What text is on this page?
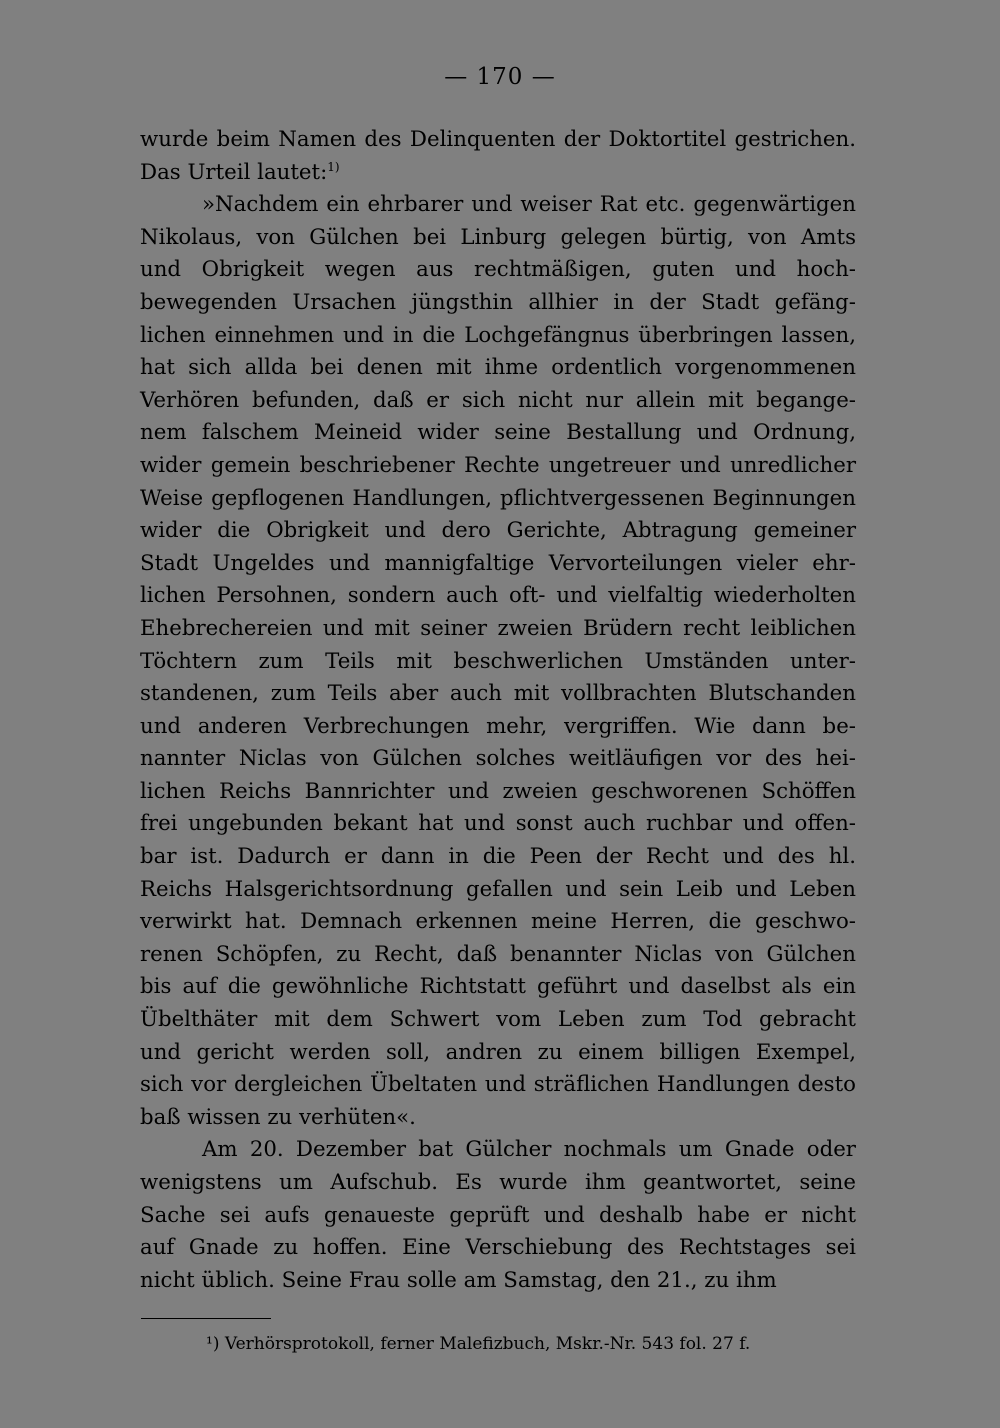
— 170 —
wurde beim Namen des Delinquenten der Doktortitel gestrichen.
Das Urteil lautet:$^{1)}$
»Nachdem ein ehrbarer und weiser Rat etc. gegenwärtigen
Nikolaus, von Gülchen bei Linburg gelegen bürtig, von Amts
und Obrigkeit wegen aus rechtmäßigen, guten und hoch-
bewegenden Ursachen jüngsthin allhier in der Stadt gefäng-
lichen einnehmen und in die Lochgefängnus überbringen lassen,
hat sich allda bei denen mit ihme ordentlich vorgenommenen
Verhören befunden, daß er sich nicht nur allein mit begange-
nem falschem Meineid wider seine Bestallung und Ordnung,
wider gemein beschriebener Rechte ungetreuer und unredlicher
Weise gepflogenen Handlungen, pflichtvergessenen Beginnungen
wider die Obrigkeit und dero Gerichte, Abtragung gemeiner
Stadt Ungeldes und mannigfaltige Vervorteilungen vieler ehr-
lichen Persohnen, sondern auch oft- und vielfaltig wiederholten
Ehebrechereien und mit seiner zweien Brüdern recht leiblichen
Töchtern zum Teils mit beschwerlichen Umständen unter-
standenen, zum Teils aber auch mit vollbrachten Blutschanden
und anderen Verbrechungen mehr, vergriffen. Wie dann be-
nannter Niclas von Gülchen solches weitläufigen vor des hei-
lichen Reichs Bannrichter und zweien geschworenen Schöffen
frei ungebunden bekant hat und sonst auch ruchbar und offen-
bar ist. Dadurch er dann in die Peen der Recht und des hl.
Reichs Halsgerichtsordnung gefallen und sein Leib und Leben
verwirkt hat. Demnach erkennen meine Herren, die geschwo-
renen Schöpfen, zu Recht, daß benannter Niclas von Gülchen
bis auf die gewöhnliche Richtstatt geführt und daselbst als ein
Übelthäter mit dem Schwert vom Leben zum Tod gebracht
und gericht werden soll, andren zu einem billigen Exempel,
sich vor dergleichen Übeltaten und sträflichen Handlungen desto
baß wissen zu verhüten«.
Am 20. Dezember bat Gülcher nochmals um Gnade oder
wenigstens um Aufschub. Es wurde ihm geantwortet, seine
Sache sei aufs genaueste geprüft und deshalb habe er nicht
auf Gnade zu hoffen. Eine Verschiebung des Rechtstages sei
nicht üblich. Seine Frau solle am Samstag, den 21., zu ihm
¹) Verhörsprotokoll, ferner Malefizbuch, Mskr.-Nr. 543 fol. 27 f.
